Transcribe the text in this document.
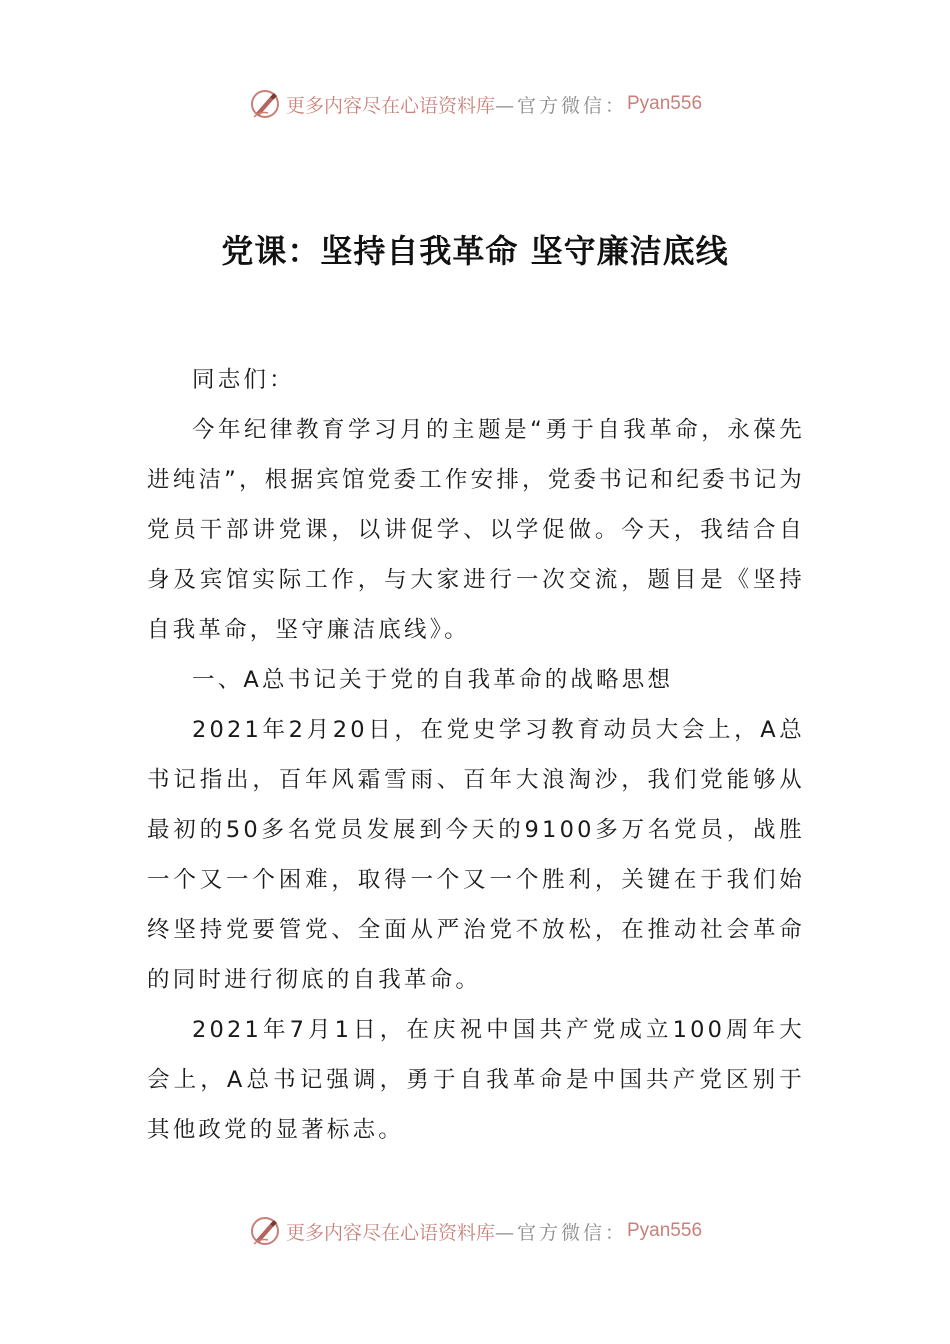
更多内容尽在心语资料库 —官方微信： Pyan556
党课：坚持自我革命 坚守廉洁底线

同志们：

今年纪律教育学习月的主题是“勇于自我革命，永葆先进纯洁”，根据宾馆党委工作安排，党委书记和纪委书记为党员干部讲党课，以讲促学、以学促做。今天，我结合自身及宾馆实际工作，与大家进行一次交流，题目是《坚持自我革命，坚守廉洁底线》。

一、A总书记关于党的自我革命的战略思想

2021年2月20日，在党史学习教育动员大会上，A总书记指出，百年风霜雪雨、百年大浪淘沙，我们党能够从最初的50多名党员发展到今天的9100多万名党员，战胜一个又一个困难，取得一个又一个胜利，关键在于我们始终坚持党要管党、全面从严治党不放松，在推动社会革命的同时进行彻底的自我革命。

2021年7月1日，在庆祝中国共产党成立100周年大会上，A总书记强调，勇于自我革命是中国共产党区别于其他政党的显著标志。

更多内容尽在心语资料库 —官方微信： Pyan556
